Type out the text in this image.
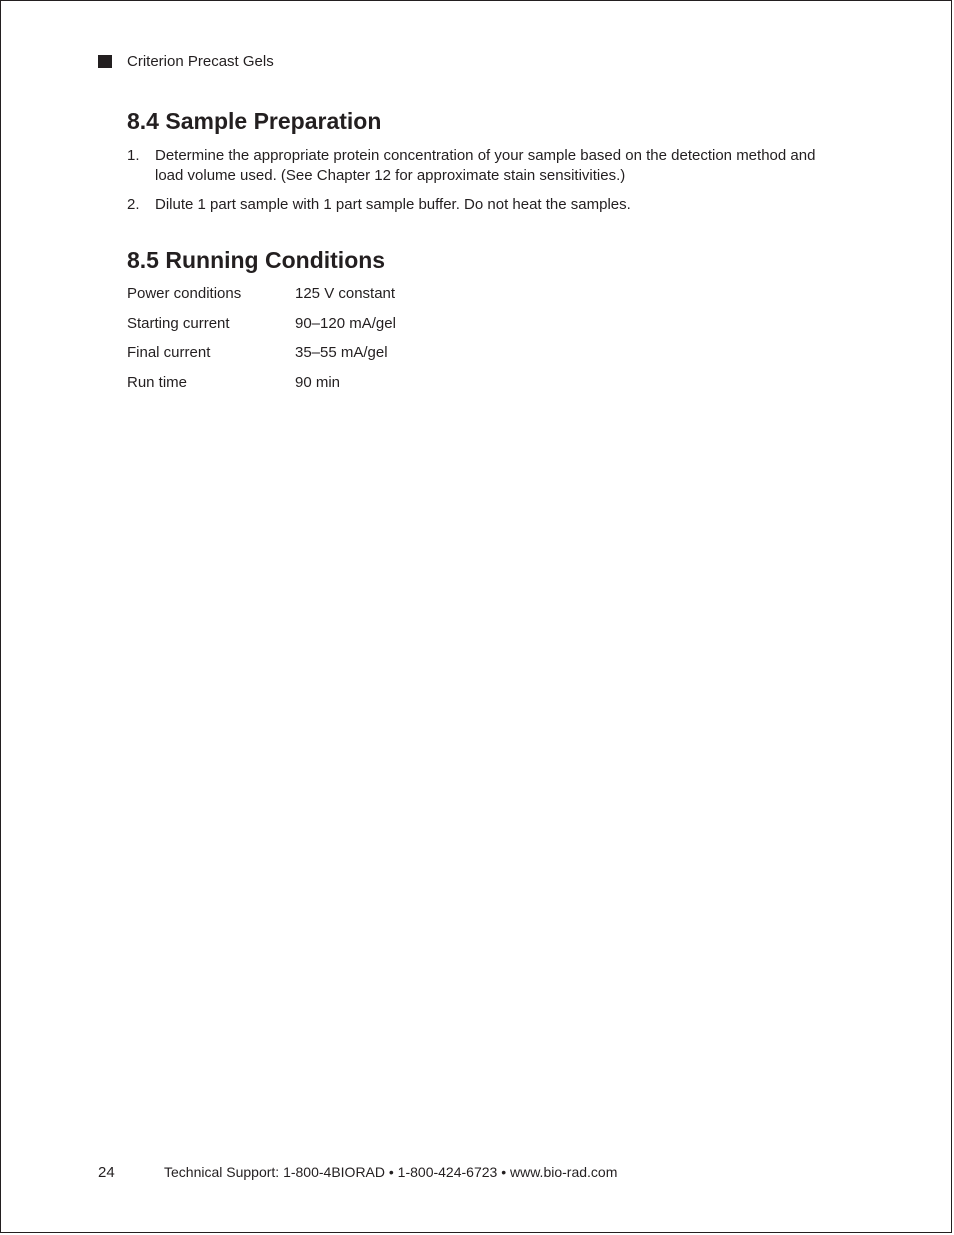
Criterion Precast Gels
8.4 Sample Preparation
1.	Determine the appropriate protein concentration of your sample based on the detection method and load volume used. (See Chapter 12 for approximate stain sensitivities.)
2.	Dilute 1 part sample with 1 part sample buffer. Do not heat the samples.
8.5 Running Conditions
Power conditions	125 V constant
Starting current	90–120 mA/gel
Final current	35–55 mA/gel
Run time	90 min
24	Technical Support: 1-800-4BIORAD • 1-800-424-6723 • www.bio-rad.com
